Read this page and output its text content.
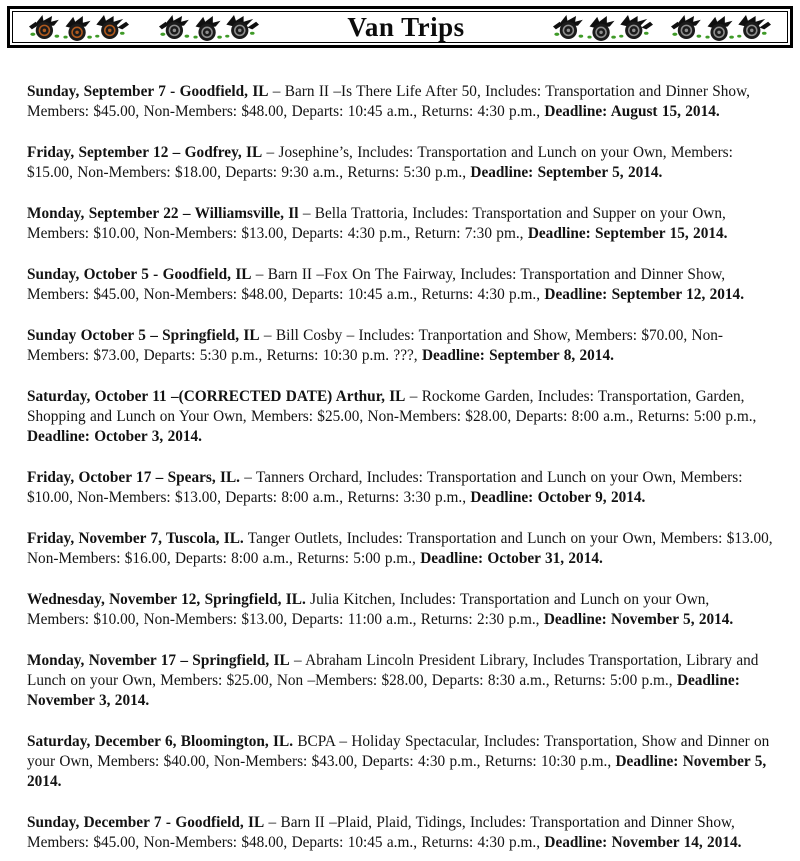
Van Trips

Sunday, September 7 - Goodfield, IL – Barn II –Is There Life After 50, Includes: Transportation and Dinner Show, Members: $45.00, Non-Members: $48.00, Departs: 10:45 a.m., Returns: 4:30 p.m., Deadline: August 15, 2014.

Friday, September 12 – Godfrey, IL – Josephine’s, Includes: Transportation and Lunch on your Own, Members: $15.00, Non-Members: $18.00, Departs: 9:30 a.m., Returns: 5:30 p.m., Deadline: September 5, 2014.

Monday, September 22 – Williamsville, Il – Bella Trattoria, Includes: Transportation and Supper on your Own, Members: $10.00, Non-Members: $13.00, Departs: 4:30 p.m., Return: 7:30 pm., Deadline: September 15, 2014.

Sunday, October 5 - Goodfield, IL – Barn II –Fox On The Fairway, Includes: Transportation and Dinner Show, Members: $45.00, Non-Members: $48.00, Departs: 10:45 a.m., Returns: 4:30 p.m., Deadline: September 12, 2014.

Sunday October 5 – Springfield, IL – Bill Cosby – Includes: Tranportation and Show, Members: $70.00, Non-Members: $73.00, Departs: 5:30 p.m., Returns: 10:30 p.m. ???, Deadline: September 8, 2014.

Saturday, October 11 –(CORRECTED DATE) Arthur, IL – Rockome Garden, Includes: Transportation, Garden, Shopping and Lunch on Your Own, Members: $25.00, Non-Members: $28.00, Departs: 8:00 a.m., Returns: 5:00 p.m., Deadline: October 3, 2014.

Friday, October 17 – Spears, IL. – Tanners Orchard, Includes: Transportation and Lunch on your Own, Members: $10.00, Non-Members: $13.00, Departs: 8:00 a.m., Returns: 3:30 p.m., Deadline: October 9, 2014.

Friday, November 7, Tuscola, IL. Tanger Outlets, Includes: Transportation and Lunch on your Own, Members: $13.00, Non-Members: $16.00, Departs: 8:00 a.m., Returns: 5:00 p.m., Deadline: October 31, 2014.

Wednesday, November 12, Springfield, IL. Julia Kitchen, Includes: Transportation and Lunch on your Own, Members: $10.00, Non-Members: $13.00, Departs: 11:00 a.m., Returns: 2:30 p.m., Deadline: November 5, 2014.

Monday, November 17 – Springfield, IL – Abraham Lincoln President Library, Includes Transportation, Library and Lunch on your Own, Members: $25.00, Non –Members: $28.00, Departs: 8:30 a.m., Returns: 5:00 p.m., Deadline: November 3, 2014.

Saturday, December 6, Bloomington, IL. BCPA – Holiday Spectacular, Includes: Transportation, Show and Dinner on your Own, Members: $40.00, Non-Members: $43.00, Departs: 4:30 p.m., Returns: 10:30 p.m., Deadline: November 5, 2014.

Sunday, December 7 - Goodfield, IL – Barn II –Plaid, Plaid, Tidings, Includes: Transportation and Dinner Show, Members: $45.00, Non-Members: $48.00, Departs: 10:45 a.m., Returns: 4:30 p.m., Deadline: November 14, 2014.
